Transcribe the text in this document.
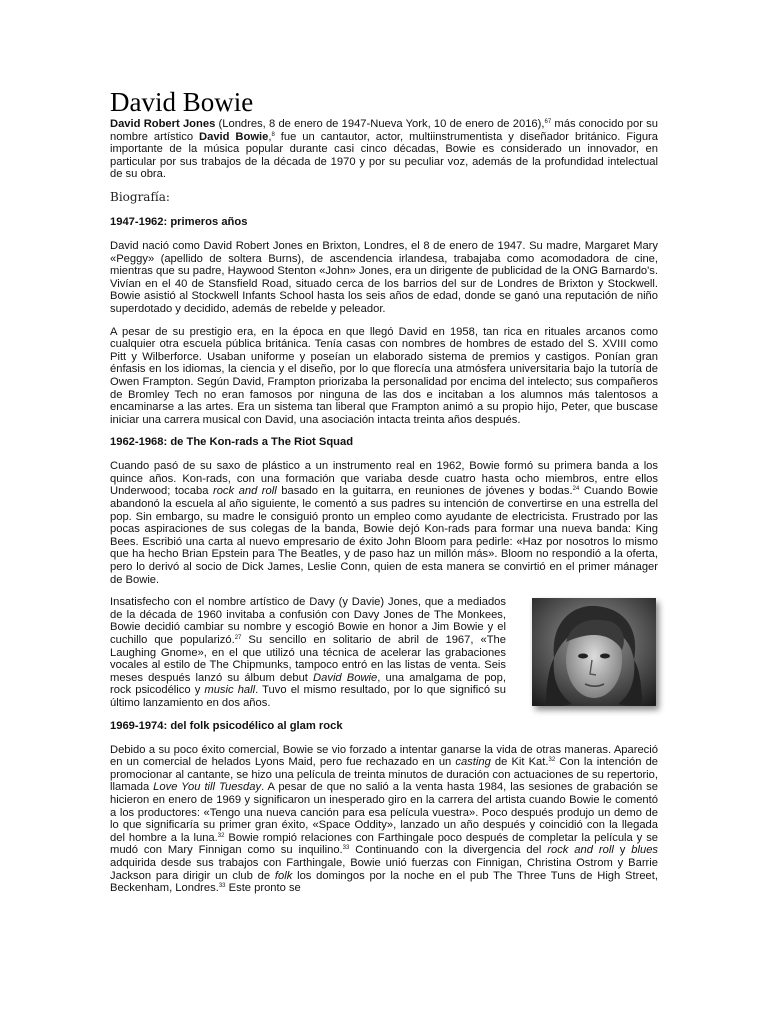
David Bowie

David Robert Jones (Londres, 8 de enero de 1947-Nueva York, 10 de enero de 2016),$^{67}$ más conocido por su nombre artístico David Bowie,$^8$ fue un cantautor, actor, multiinstrumentista y diseñador británico. Figura importante de la música popular durante casi cinco décadas, Bowie es considerado un innovador, en particular por sus trabajos de la década de 1970 y por su peculiar voz, además de la profundidad intelectual de su obra.

Biografía:
1947-1962: primeros años

David nació como David Robert Jones en Brixton, Londres, el 8 de enero de 1947. Su madre, Margaret Mary «Peggy» (apellido de soltera Burns), de ascendencia irlandesa, trabajaba como acomodadora de cine, mientras que su padre, Haywood Stenton «John» Jones, era un dirigente de publicidad de la ONG Barnardo's. Vivían en el 40 de Stansfield Road, situado cerca de los barrios del sur de Londres de Brixton y Stockwell. Bowie asistió al Stockwell Infants School hasta los seis años de edad, donde se ganó una reputación de niño superdotado y decidido, además de rebelde y peleador.

A pesar de su prestigio era, en la época en que llegó David en 1958, tan rica en rituales arcanos como cualquier otra escuela pública británica. Tenía casas con nombres de hombres de estado del S. XVIII como Pitt y Wilberforce. Usaban uniforme y poseían un elaborado sistema de premios y castigos. Ponían gran énfasis en los idiomas, la ciencia y el diseño, por lo que florecía una atmósfera universitaria bajo la tutoría de Owen Frampton. Según David, Frampton priorizaba la personalidad por encima del intelecto; sus compañeros de Bromley Tech no eran famosos por ninguna de las dos e incitaban a los alumnos más talentosos a encaminarse a las artes. Era un sistema tan liberal que Frampton animó a su propio hijo, Peter, que buscase iniciar una carrera musical con David, una asociación intacta treinta años después.

1962-1968: de The Kon-rads a The Riot Squad

Cuando pasó de su saxo de plástico a un instrumento real en 1962, Bowie formó su primera banda a los quince años. Kon-rads, con una formación que variaba desde cuatro hasta ocho miembros, entre ellos Underwood; tocaba rock and roll basado en la guitarra, en reuniones de jóvenes y bodas.$^{24}$ Cuando Bowie abandonó la escuela al año siguiente, le comentó a sus padres su intención de convertirse en una estrella del pop. Sin embargo, su madre le consiguió pronto un empleo como ayudante de electricista. Frustrado por las pocas aspiraciones de sus colegas de la banda, Bowie dejó Kon-rads para formar una nueva banda: King Bees. Escribió una carta al nuevo empresario de éxito John Bloom para pedirle: «Haz por nosotros lo mismo que ha hecho Brian Epstein para The Beatles, y de paso haz un millón más». Bloom no respondió a la oferta, pero lo derivó al socio de Dick James, Leslie Conn, quien de esta manera se convirtió en el primer mánager de Bowie.

Insatisfecho con el nombre artístico de Davy (y Davie) Jones, que a mediados de la década de 1960 invitaba a confusión con Davy Jones de The Monkees, Bowie decidió cambiar su nombre y escogió Bowie en honor a Jim Bowie y el cuchillo que popularizó.$^{27}$ Su sencillo en solitario de abril de 1967, «The Laughing Gnome», en el que utilizó una técnica de acelerar las grabaciones vocales al estilo de The Chipmunks, tampoco entró en las listas de venta. Seis meses después lanzó su álbum debut David Bowie, una amalgama de pop, rock psicodélico y music hall. Tuvo el mismo resultado, por lo que significó su último lanzamiento en dos años.

1969-1974: del folk psicodélico al glam rock

Debido a su poco éxito comercial, Bowie se vio forzado a intentar ganarse la vida de otras maneras. Apareció en un comercial de helados Lyons Maid, pero fue rechazado en un casting de Kit Kat.$^{32}$ Con la intención de promocionar al cantante, se hizo una película de treinta minutos de duración con actuaciones de su repertorio, llamada Love You till Tuesday. A pesar de que no salió a la venta hasta 1984, las sesiones de grabación se hicieron en enero de 1969 y significaron un inesperado giro en la carrera del artista cuando Bowie le comentó a los productores: «Tengo una nueva canción para esa película vuestra». Poco después produjo un demo de lo que significaría su primer gran éxito, «Space Oddity», lanzado un año después y coincidió con la llegada del hombre a la luna.$^{32}$ Bowie rompió relaciones con Farthingale poco después de completar la película y se mudó con Mary Finnigan como su inquilino.$^{33}$ Continuando con la divergencia del rock and roll y blues adquirida desde sus trabajos con Farthingale, Bowie unió fuerzas con Finnigan, Christina Ostrom y Barrie Jackson para dirigir un club de folk los domingos por la noche en el pub The Three Tuns de High Street, Beckenham, Londres.$^{33}$ Este pronto se
